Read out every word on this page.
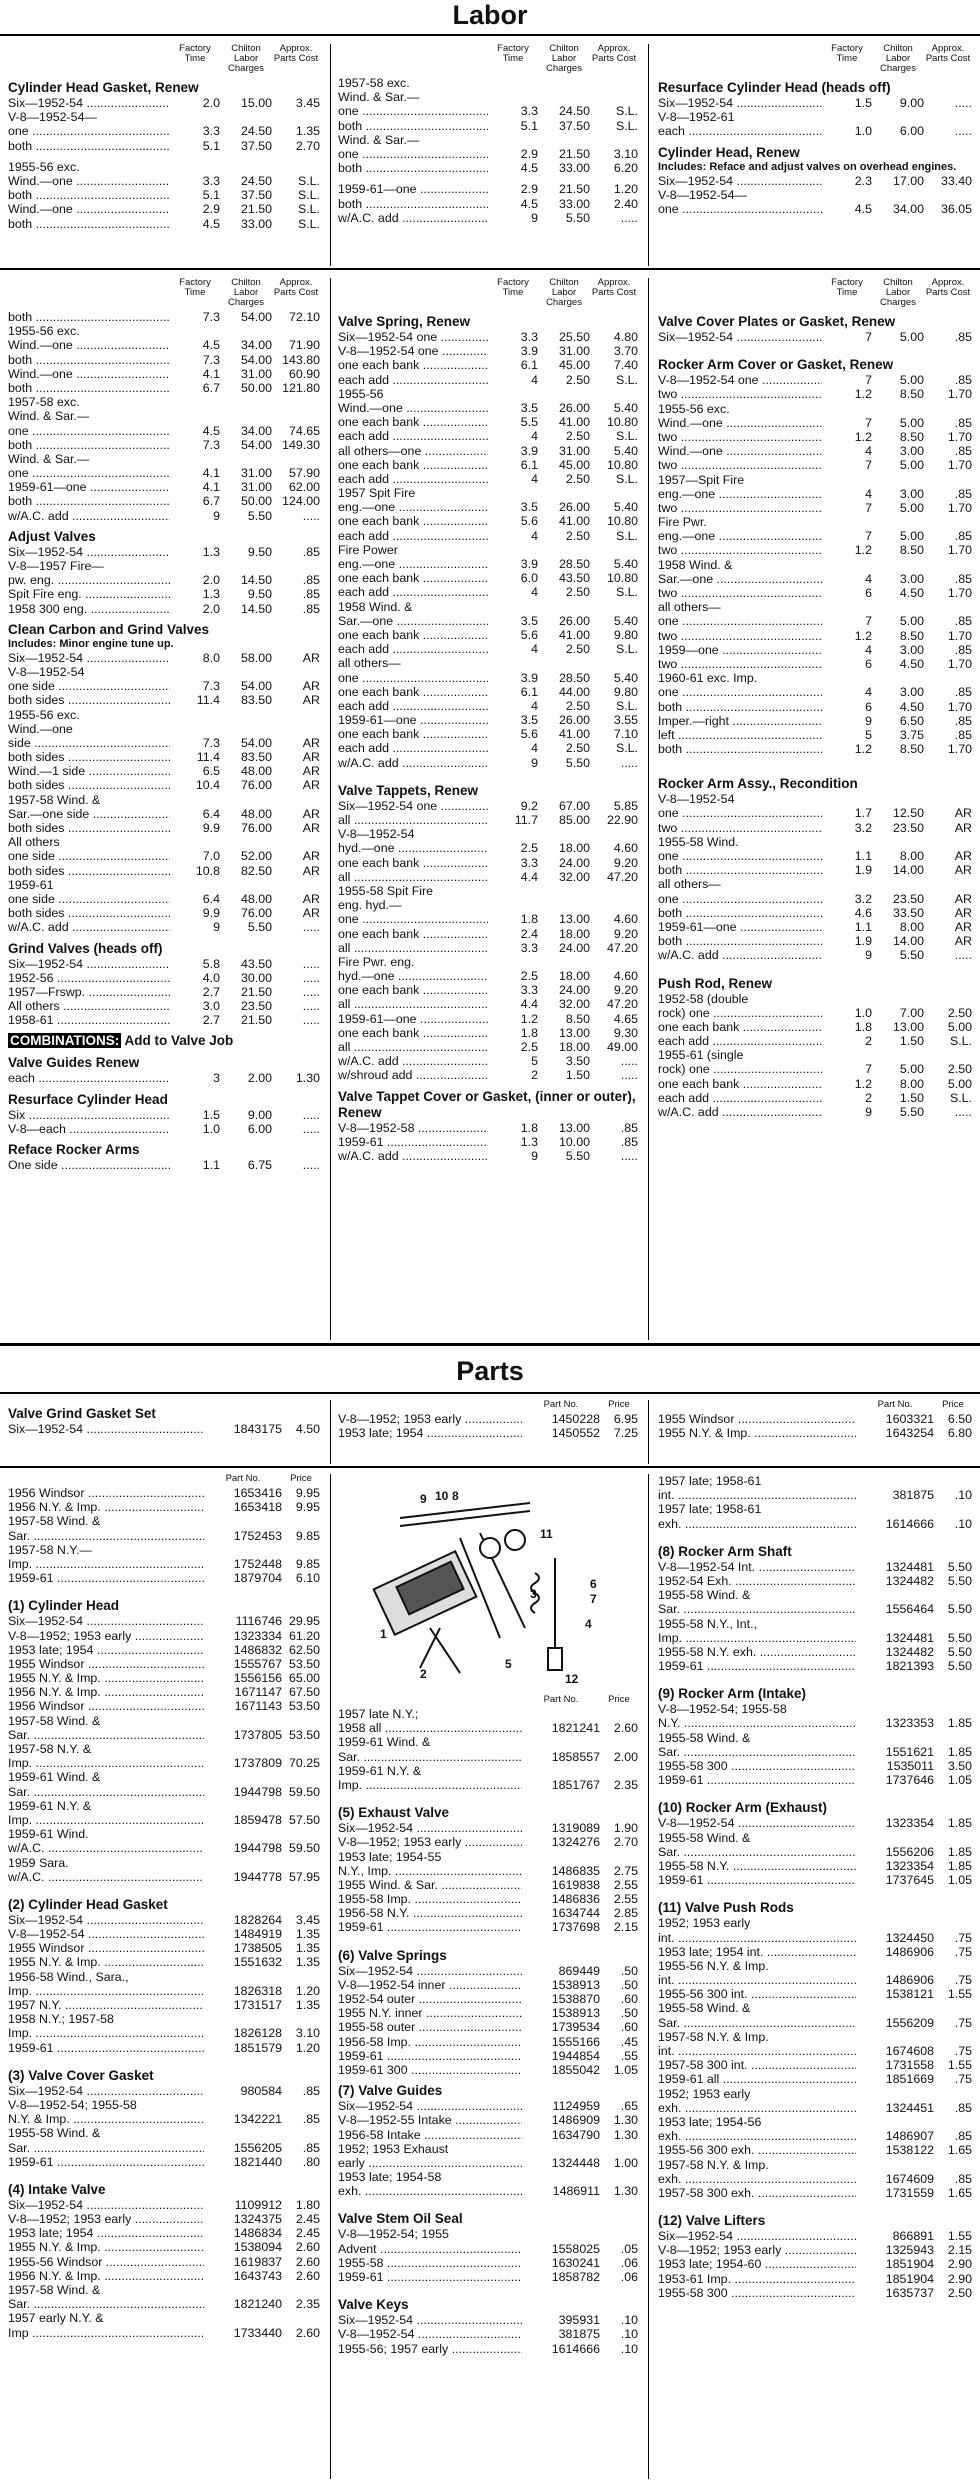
Labor
Factory Time
Chilton Labor Charges
Approx. Parts Cost
Cylinder Head Gasket, Renew
Six—1952-54 .....	2.0	15.00	3.45
V-8—1952-54—
one .....	3.3	24.50	1.35
both .....	5.1	37.50	2.70
1955-56 exc.
Wind.—one .....	3.3	24.50	S.L.
both .....	5.1	37.50	S.L.
Wind.—one .....	2.9	21.50	S.L.
both .....	4.5	33.00	S.L.
Factory Time
Chilton Labor Charges
Approx. Parts Cost
1957-58 exc.
Wind. & Sar.—
one .....	3.3	24.50	S.L.
both .....	5.1	37.50	S.L.
Wind. & Sar.—
one .....	2.9	21.50	3.10
both .....	4.5	33.00	6.20
1959-61—one .....	2.9	21.50	1.20
both .....	4.5	33.00	2.40
w/A.C. add .....	9	5.50	.....
Factory Time
Chilton Labor Charges
Approx. Parts Cost
Resurface Cylinder Head (heads off)
Six—1952-54 .....	1.5	9.00	.....
V-8—1952-61
each .....	1.0	6.00	.....
Cylinder Head, Renew
Includes: Reface and adjust valves on overhead engines.
Six—1952-54 .....	2.3	17.00	33.40
V-8—1952-54—
one .....	4.5	34.00	36.05
Factory Time
Chilton Labor Charges
Approx. Parts Cost
both .....	7.3	54.00	72.10
1955-56 exc.
Wind.—one .....	4.5	34.00	71.90
both .....	7.3	54.00 143.80
Wind.—one .....	4.1	31.00	60.90
both .....	6.7	50.00 121.80
1957-58 exc.
Wind. & Sar.—
one .....	4.5	34.00	74.65
both .....	7.3	54.00 149.30
Wind. & Sar.—
one .....	4.1	31.00	57.90
1959-61—one .....	4.1	31.00	62.00
both .....	6.7	50.00 124.00
w/A.C. add .....	9	5.50	.....
Adjust Valves
Six—1952-54 .....	1.3	9.50	.85
V-8—1957 Fire—
pw. eng. .....	2.0	14.50	.85
Spit Fire eng. .....	1.3	9.50	.85
1958 300 eng. .....	2.0	14.50	.85
Clean Carbon and Grind Valves
Includes: Minor engine tune up.
Six—1952-54 .....	8.0	58.00	AR
V-8—1952-54
one side .....	7.3	54.00	AR
both sides .....	11.4	83.50	AR
1955-56 exc.
Wind.—one
side .....	7.3	54.00	AR
both sides .....	11.4	83.50	AR
Wind.—1 side .....	6.5	48.00	AR
both sides .....	10.4	76.00	AR
1957-58 Wind. &
Sar.—one side .....	6.4	48.00	AR
both sides .....	9.9	76.00	AR
All others
one side .....	7.0	52.00	AR
both sides .....	10.8	82.50	AR
1959-61
one side .....	6.4	48.00	AR
both sides .....	9.9	76.00	AR
w/A.C. add .....	9	5.50	.....
Grind Valves (heads off)
Six—1952-54 .....	5.8	43.50	.....
1952-56 .....	4.0	30.00	.....
1957—Frswp. .....	2.7	21.50	.....
All others .....	3.0	23.50	.....
1958-61 .....	2.7	21.50	.....
COMBINATIONS: Add to Valve Job
Valve Guides Renew
each .....	3	2.00	1.30
Resurface Cylinder Head
Six .....	1.5	9.00	.....
V-8—each .....	1.0	6.00	.....
Reface Rocker Arms
One side .....	1.1	6.75	.....
Factory Time
Chilton Labor Charges
Approx. Parts Cost
Valve Spring, Renew
Six—1952-54 one .....	3.3	25.50	4.80
V-8—1952-54 one .....	3.9	31.00	3.70
one each bank .....	6.1	45.00	7.40
each add .....	4	2.50	S.L.
1955-56
Wind.—one .....	3.5	26.00	5.40
one each bank .....	5.5	41.00	10.80
each add .....	4	2.50	S.L.
all others—one .....	3.9	31.00	5.40
one each bank .....	6.1	45.00	10.80
each add .....	4	2.50	S.L.
1957 Spit Fire
eng.—one .....	3.5	26.00	5.40
one each bank .....	5.6	41.00	10.80
each add .....	4	2.50	S.L.
Fire Power
eng.—one .....	3.9	28.50	5.40
one each bank .....	6.0	43.50	10.80
each add .....	4	2.50	S.L.
1958 Wind. &
Sar.—one .....	3.5	26.00	5.40
one each bank .....	5.6	41.00	9.80
each add .....	4	2.50	S.L.
all others—
one .....	3.9	28.50	5.40
one each bank .....	6.1	44.00	9.80
each add .....	4	2.50	S.L.
1959-61—one .....	3.5	26.00	3.55
one each bank .....	5.6	41.00	7.10
each add .....	4	2.50	S.L.
w/A.C. add .....	9	5.50	.....
Valve Tappets, Renew
Six—1952-54 one .....	9.2	67.00	5.85
all .....	11.7	85.00	22.90
V-8—1952-54
hyd.—one .....	2.5	18.00	4.60
one each bank .....	3.3	24.00	9.20
all .....	4.4	32.00	47.20
1955-58 Spit Fire
eng. hyd.—
one .....	1.8	13.00	4.60
one each bank .....	2.4	18.00	9.20
all .....	3.3	24.00	47.20
Fire Pwr. eng.
hyd.—one .....	2.5	18.00	4.60
one each bank .....	3.3	24.00	9.20
all .....	4.4	32.00	47.20
1959-61—one .....	1.2	8.50	4.65
one each bank .....	1.8	13.00	9.30
all .....	2.5	18.00	49.00
w/A.C. add .....	5	3.50	.....
w/shroud add .....	2	1.50	.....
Valve Tappet Cover or Gasket, (inner or outer), Renew
V-8—1952-58 .....	1.8	13.00	.85
1959-61 .....	1.3	10.00	.85
w/A.C. add .....	9	5.50	.....
Factory Time
Chilton Labor Charges
Approx. Parts Cost
Valve Cover Plates or Gasket, Renew
Six—1952-54 .....	7	5.00	.85
Rocker Arm Cover or Gasket, Renew
V-8—1952-54 one .....	7	5.00	.85
two .....	1.2	8.50	1.70
1955-56 exc.
Wind.—one .....	7	5.00	.85
two .....	1.2	8.50	1.70
Wind.—one .....	4	3.00	.85
two .....	7	5.00	1.70
1957—Spit Fire
eng.—one .....	4	3.00	.85
two .....	7	5.00	1.70
Fire Pwr.
eng.—one .....	7	5.00	.85
two .....	1.2	8.50	1.70
1958 Wind. &
Sar.—one .....	4	3.00	.85
two .....	6	4.50	1.70
all others—
one .....	7	5.00	.85
two .....	1.2	8.50	1.70
1959—one .....	4	3.00	.85
two .....	6	4.50	1.70
1960-61 exc. Imp.
one .....	4	3.00	.85
both .....	6	4.50	1.70
Imper.—right .....	9	6.50	.85
left .....	5	3.75	.85
both .....	1.2	8.50	1.70
Rocker Arm Assy., Recondition
V-8—1952-54
one .....	1.7	12.50	AR
two .....	3.2	23.50	AR
1955-58 Wind.
one .....	1.1	8.00	AR
both .....	1.9	14.00	AR
all others—
one .....	3.2	23.50	AR
both .....	4.6	33.50	AR
1959-61—one .....	1.1	8.00	AR
both .....	1.9	14.00	AR
w/A.C. add .....	9	5.50	.....
Push Rod, Renew
1952-58 (double
rock) one .....	1.0	7.00	2.50
one each bank .....	1.8	13.00	5.00
each add .....	2	1.50	S.L.
1955-61 (single
rock) one .....	7	5.00	2.50
one each bank .....	1.2	8.00	5.00
each add .....	2	1.50	S.L.
w/A.C. add .....	9	5.50	.....
Parts
Valve Grind Gasket Set
Six—1952-54 .....	1843175	4.50
Part No.	Price
V-8—1952; 1953 early .....	1450228	6.95
1953 late; 1954 .....	1450552	7.25
Part No.	Price
1955 Windsor .....	1603321	6.50
1955 N.Y. & Imp. .....	1643254	6.80
Part No.	Price
1956 Windsor .....	1653416	9.95
1956 N.Y. & Imp. .....	1653418	9.95
1957-58 Wind. &
Sar. .....	1752453	9.85
1957-58 N.Y.—
Imp. .....	1752448	9.85
1959-61 .....	1879704	6.10
(1) Cylinder Head
Six—1952-54 .....	1116746 29.95
V-8—1952; 1953 early .....	1323334 61.20
1953 late; 1954 .....	1486832 62.50
1955 Windsor .....	1555767 53.50
1955 N.Y. & Imp. .....	1556156 65.00
1956 N.Y. & Imp. .....	1671147 67.50
1956 Windsor .....	1671143 53.50
1957-58 Wind. &
Sar. .....	1737805 53.50
1957-58 N.Y. &
Imp. .....	1737809 70.25
1959-61 Wind. &
Sar. .....	1944798 59.50
1959-61 N.Y. &
Imp. .....	1859478 57.50
1959-61 Wind.
w/A.C. .....	1944798 59.50
1959 Sara.
w/A.C. .....	1944778 57.95
(2) Cylinder Head Gasket
Six—1952-54 .....	1828264	3.45
V-8—1952-54 .....	1484919	1.35
1955 Windsor .....	1738505	1.35
1955 N.Y. & Imp. .....	1551632	1.35
1956-58 Wind., Sara.,
Imp. .....	1826318	1.20
1957 N.Y. .....	1731517	1.35
1958 N.Y.; 1957-58
Imp. .....	1826128	3.10
1959-61 .....	1851579	1.20
(3) Valve Cover Gasket
Six—1952-54 .....	980584	.85
V-8—1952-54; 1955-58
N.Y. & Imp. .....	1342221	.85
1955-58 Wind. &
Sar. .....	1556205	.85
1959-61 .....	1821440	.80
(4) Intake Valve
Six—1952-54 .....	1109912	1.80
V-8—1952; 1953 early .....	1324375	2.45
1953 late; 1954 .....	1486834	2.45
1955 N.Y. & Imp. .....	1538094	2.60
1955-56 Windsor .....	1619837	2.60
1956 N.Y. & Imp. .....	1643743	2.60
1957-58 Wind. &
Sar. .....	1821240	2.35
1957 early N.Y. &
Imp .....	1733440	2.60
Part No.	Price
1957 late N.Y.;
1958 all .....	1821241	2.60
1959-61 Wind. &
Sar. .....	1858557	2.00
1959-61 N.Y. &
Imp. .....	1851767	2.35
(5) Exhaust Valve
Six—1952-54 .....	1319089	1.90
V-8—1952; 1953 early .....	1324276	2.70
1953 late; 1954-55
N.Y., Imp. .....	1486835	2.75
1955 Wind. & Sar. .....	1619838	2.55
1955-58 Imp. .....	1486836	2.55
1956-58 N.Y. .....	1634744	2.85
1959-61 .....	1737698	2.15
(6) Valve Springs
Six—1952-54 .....	869449	.50
V-8—1952-54 inner .....	1538913	.50
1952-54 outer .....	1538870	.60
1955 N.Y. inner .....	1538913	.50
1955-58 outer .....	1739534	.60
1956-58 Imp. .....	1555166	.45
1959-61 .....	1944854	.55
1959-61 300 .....	1855042	1.05
(7) Valve Guides
Six—1952-54 .....	1124959	.65
V-8—1952-55 Intake .....	1486909	1.30
1956-58 Intake .....	1634790	1.30
1952; 1953 Exhaust
early .....	1324448	1.00
1953 late; 1954-58
exh. .....	1486911	1.30
Valve Stem Oil Seal
V-8—1952-54; 1955
Advent .....	1558025	.05
1955-58 .....	1630241	.06
1959-61 .....	1858782	.06
Valve Keys
Six—1952-54 .....	395931	.10
V-8—1952-54 .....	381875	.10
1955-56; 1957 early .....	1614666	.10
1957 late; 1958-61
int. .....	381875	.10
1957 late; 1958-61
exh. .....	1614666	.10
(8) Rocker Arm Shaft
V-8—1952-54 Int. .....	1324481	5.50
1952-54 Exh. .....	1324482	5.50
1955-58 Wind. &
Sar. .....	1556464	5.50
1955-58 N.Y., Int.,
Imp. .....	1324481	5.50
1955-58 N.Y. exh. .....	1324482	5.50
1959-61 .....	1821393	5.50
(9) Rocker Arm (Intake)
V-8—1952-54; 1955-58
N.Y. .....	1323353	1.85
1955-58 Wind. &
Sar. .....	1551621	1.85
1955-58 300 .....	1535011	3.50
1959-61 .....	1737646	1.05
(10) Rocker Arm (Exhaust)
V-8—1952-54 .....	1323354	1.85
1955-58 Wind. &
Sar. .....	1556206	1.85
1955-58 N.Y. .....	1323354	1.85
1959-61 .....	1737645	1.05
(11) Valve Push Rods
1952; 1953 early
int. .....	1324450	.75
1953 late; 1954 int. .....	1486906	.75
1955-56 N.Y. & Imp.
int. .....	1486906	.75
1955-56 300 int. .....	1538121	1.55
1955-58 Wind. &
Sar. .....	1556209	.75
1957-58 N.Y. & Imp.
int. .....	1674608	.75
1957-58 300 int. .....	1731558	1.55
1959-61 all .....	1851669	.75
1952; 1953 early
exh. .....	1324451	.85
1953 late; 1954-56
exh. .....	1486907	.85
1955-56 300 exh. .....	1538122	1.65
1957-58 N.Y. & Imp.
exh. .....	1674609	.85
1957-58 300 exh. .....	1731559	1.65
(12) Valve Lifters
Six—1952-54 .....	866891	1.55
V-8—1952; 1953 early .....	1325943	2.15
1953 late; 1954-60 .....	1851904	2.90
1953-61 Imp. .....	1851904	2.90
1955-58 300 .....	1635737	2.50
9 10 8
11
6
7
4
3
1
2
5
12
